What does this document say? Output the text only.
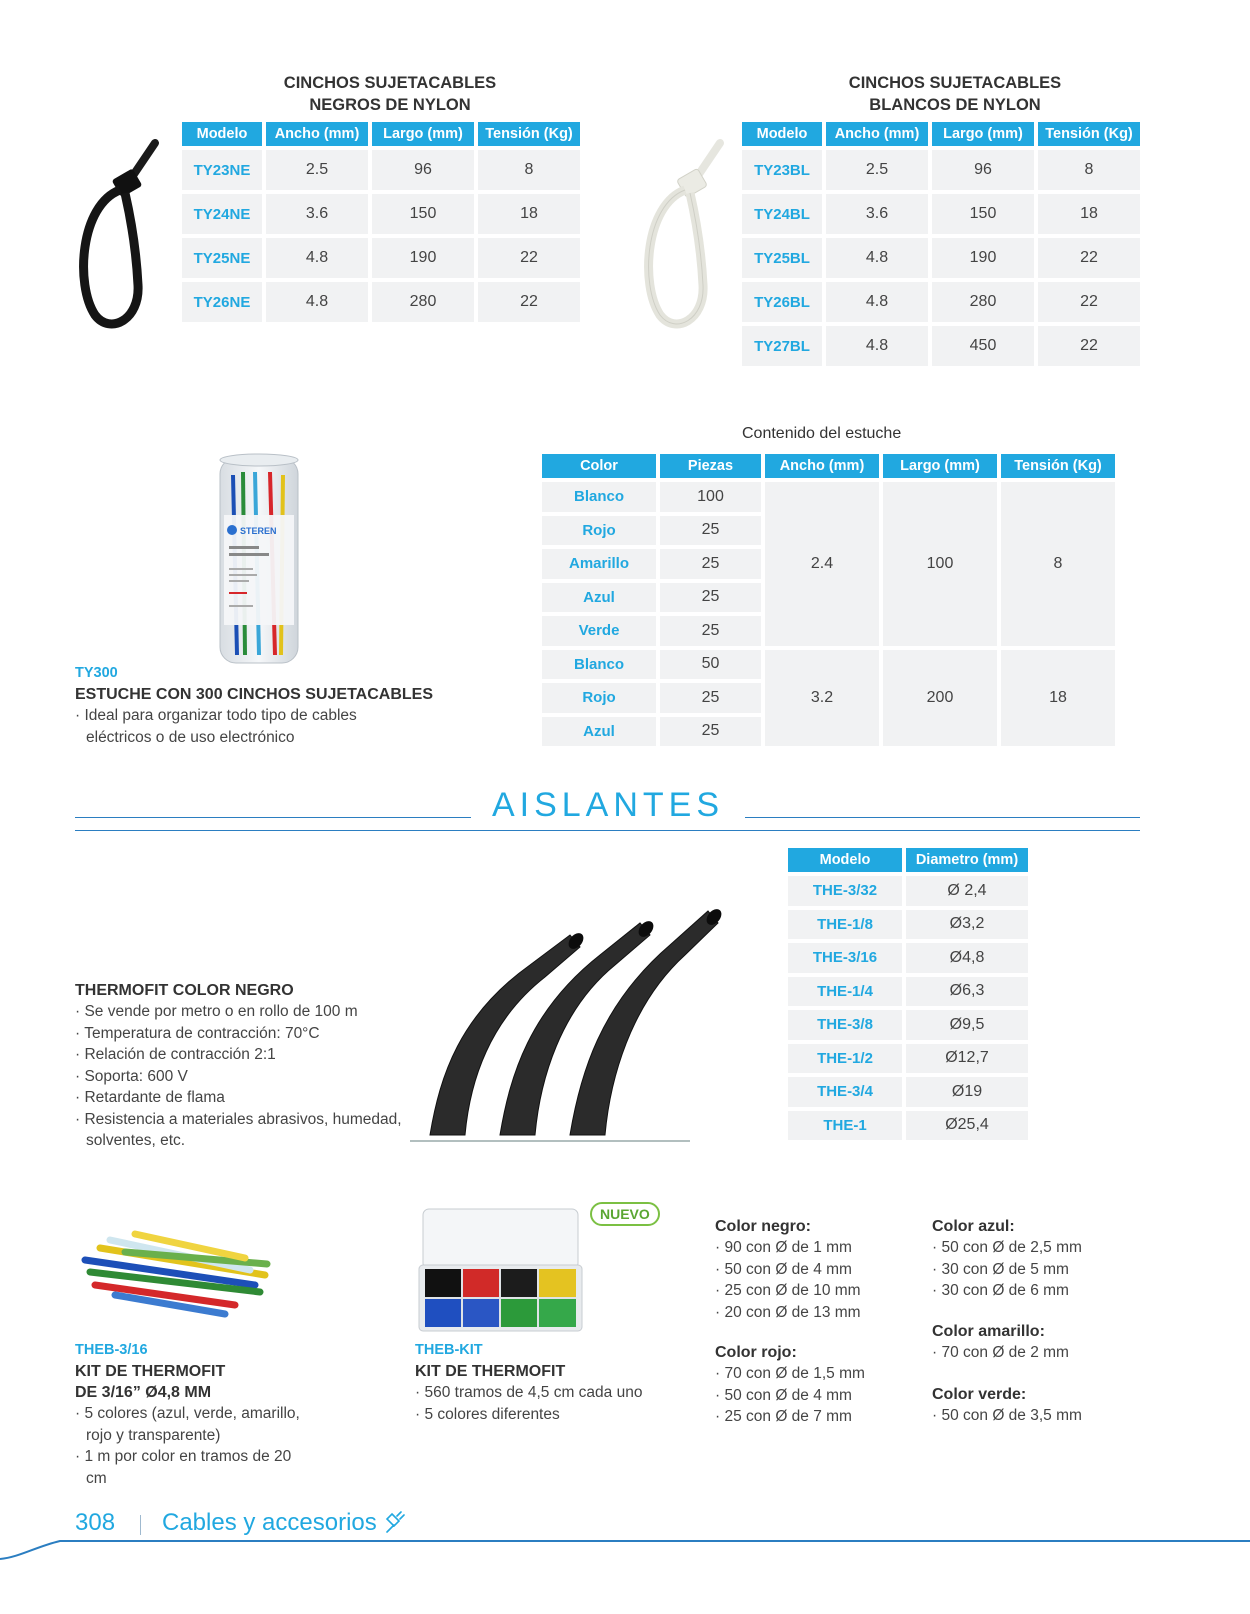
CINCHOS SUJETACABLES
NEGROS DE NYLON
Modelo	Ancho (mm)	Largo (mm)	Tensión (Kg)
TY23NE	2.5	96	8
TY24NE	3.6	150	18
TY25NE	4.8	190	22
TY26NE	4.8	280	22
CINCHOS SUJETACABLES
BLANCOS DE NYLON
Modelo	Ancho (mm)	Largo (mm)	Tensión (Kg)
TY23BL	2.5	96	8
TY24BL	3.6	150	18
TY25BL	4.8	190	22
TY26BL	4.8	280	22
TY27BL	4.8	450	22
STEREN
TY300
ESTUCHE CON 300 CINCHOS SUJETACABLES
· Ideal para organizar todo tipo de cables eléctricos o de uso electrónico
Contenido del estuche
Color	Piezas	Ancho (mm)	Largo (mm)	Tensión (Kg)
Blanco	100	2.4	100	8
Rojo	25			
Amarillo	25			
Azul	25			
Verde	25			
Blanco	50	3.2	200	18
Rojo	25			
Azul	25			
AISLANTES
THERMOFIT COLOR NEGRO
· Se vende por metro o en rollo de 100 m
· Temperatura de contracción: 70°C
· Relación de contracción 2:1
· Soporta: 600 V
· Retardante de flama
· Resistencia a materiales abrasivos, humedad, solventes, etc.
Modelo	Diametro (mm)
THE-3/32	Ø 2,4
THE-1/8	Ø3,2
THE-3/16	Ø4,8
THE-1/4	Ø6,3
THE-3/8	Ø9,5
THE-1/2	Ø12,7
THE-3/4	Ø19
THE-1	Ø25,4
THEB-3/16
KIT DE THERMOFIT
DE 3/16” Ø4,8 MM
· 5 colores (azul, verde, amarillo, rojo y transparente)
· 1 m por color en tramos de 20 cm
NUEVO
THEB-KIT
KIT DE THERMOFIT
· 560 tramos de 4,5 cm cada uno
· 5 colores diferentes
Color negro:
· 90 con Ø de 1 mm
· 50 con Ø de 4 mm
· 25 con Ø de 10 mm
· 20 con Ø de 13 mm
Color rojo:
· 70 con Ø de 1,5 mm
· 50 con Ø de 4 mm
· 25 con Ø de 7 mm
Color azul:
· 50 con Ø de 2,5 mm
· 30 con Ø de 5 mm
· 30 con Ø de 6 mm
Color amarillo:
· 70 con Ø de 2 mm
Color verde:
· 50 con Ø de 3,5 mm
308 Cables y accesorios
